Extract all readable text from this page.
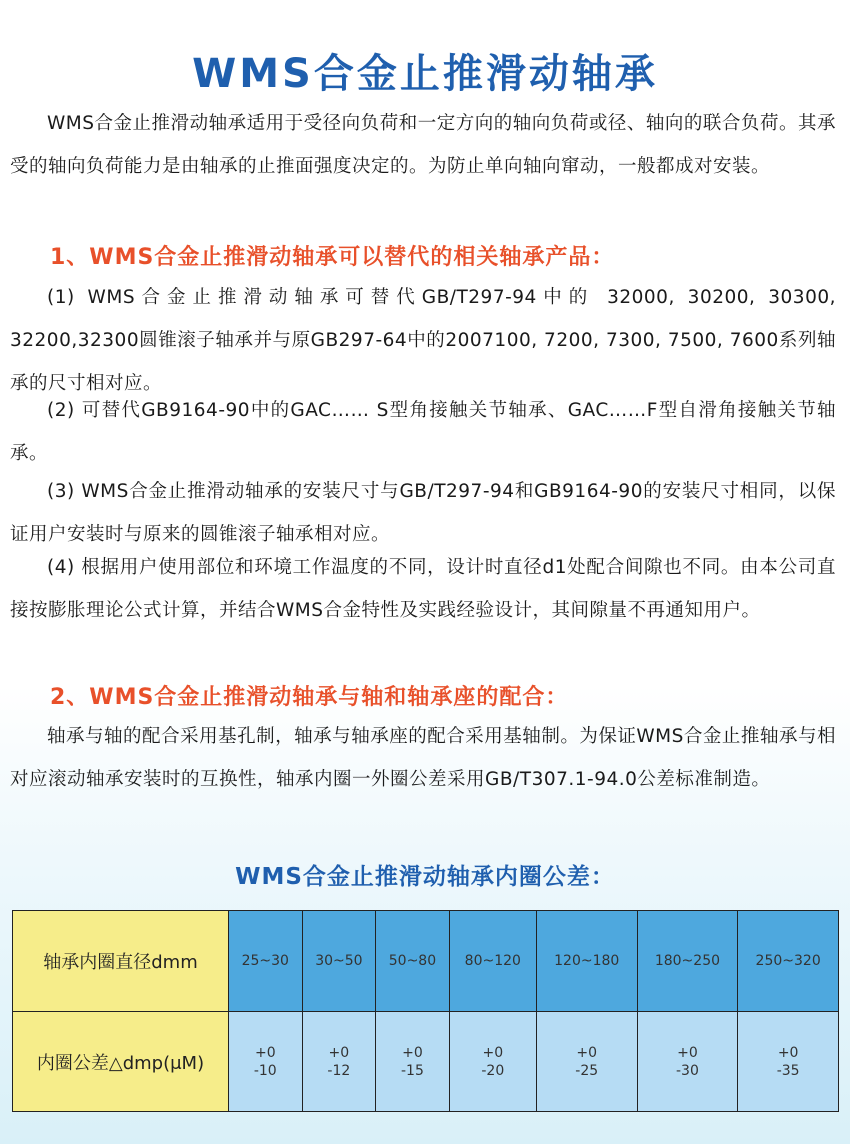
WMS合金止推滑动轴承

WMS合金止推滑动轴承适用于受径向负荷和一定方向的轴向负荷或径、轴向的联合负荷。其承受的轴向负荷能力是由轴承的止推面强度决定的。为防止单向轴向窜动，一般都成对安装。

1、WMS合金止推滑动轴承可以替代的相关轴承产品：

(1) WMS合金止推滑动轴承可替代GB/T297-94中的 32000, 30200, 30300, 32200,32300圆锥滚子轴承并与原GB297-64中的2007100, 7200, 7300, 7500, 7600系列轴承的尺寸相对应。

(2) 可替代GB9164-90中的GAC…… S型角接触关节轴承、GAC……F型自滑角接触关节轴承。

(3) WMS合金止推滑动轴承的安装尺寸与GB/T297-94和GB9164-90的安装尺寸相同，以保证用户安装时与原来的圆锥滚子轴承相对应。

(4) 根据用户使用部位和环境工作温度的不同，设计时直径d1处配合间隙也不同。由本公司直接按膨胀理论公式计算，并结合WMS合金特性及实践经验设计，其间隙量不再通知用户。

2、WMS合金止推滑动轴承与轴和轴承座的配合：

轴承与轴的配合采用基孔制，轴承与轴承座的配合采用基轴制。为保证WMS合金止推轴承与相对应滚动轴承安装时的互换性，轴承内圈一外圈公差采用GB/T307.1-94.0公差标准制造。

WMS合金止推滑动轴承内圈公差：
轴承内圈直径dmm	25~30	30~50	50~80	80~120	120~180	180~250	250~320
内圈公差△dmp(μM)	+0
-10	+0
-12	+0
-15	+0
-20	+0
-25	+0
-30	+0
-35
